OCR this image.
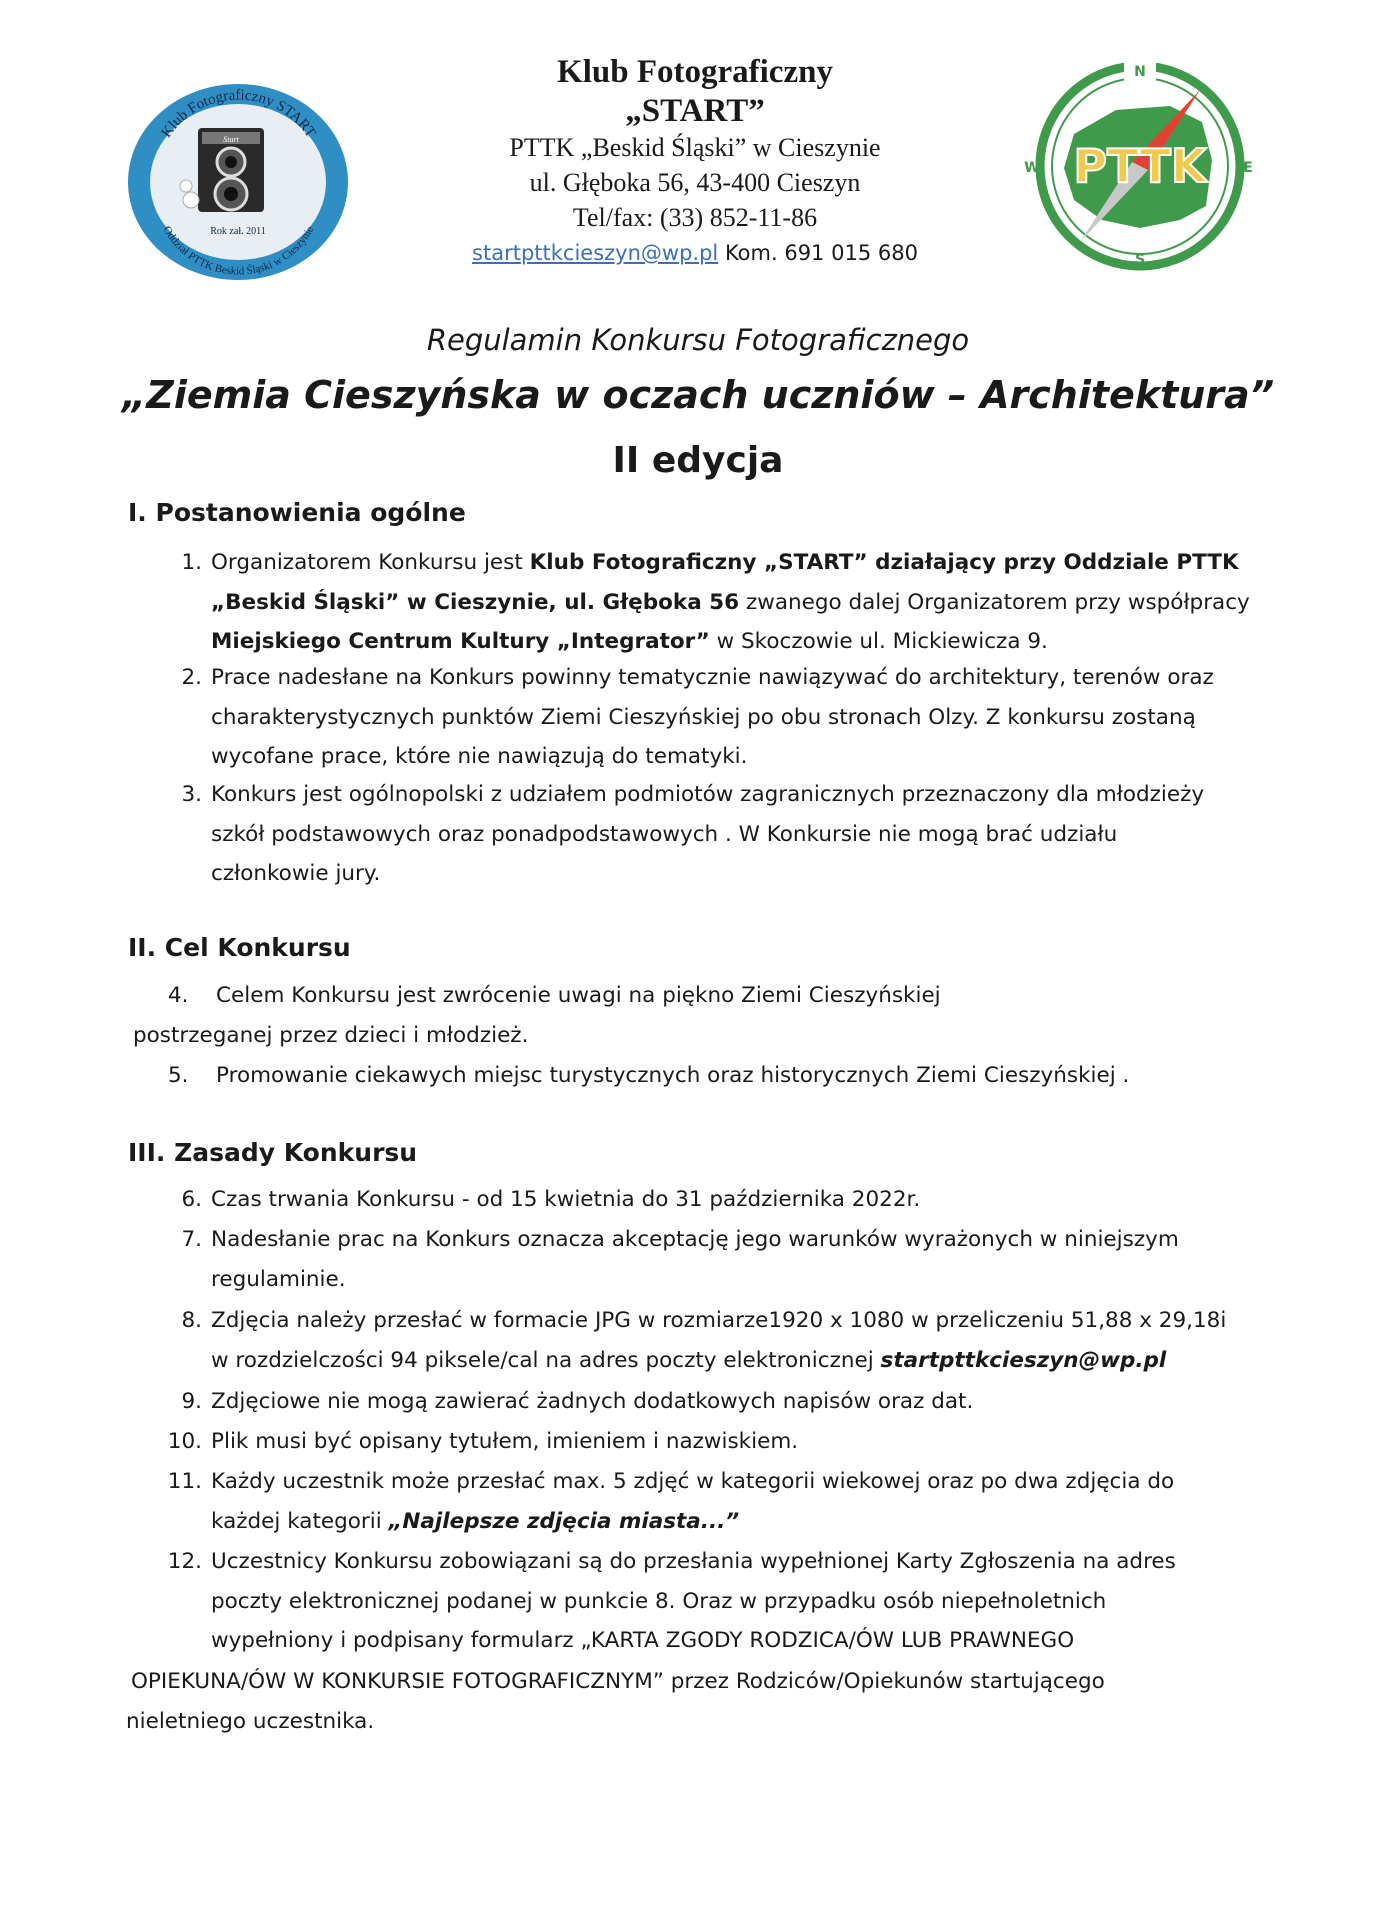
Klub Fotograficzny START
Oddział PTTK Beskid Śląski w Cieszynie
Start
Rok zał. 2011
Klub Fotograficzny
„START”
PTTK „Beskid Śląski” w Cieszynie
ul. Głęboka 56, 43-400 Cieszyn
Tel/fax: (33) 852-11-86
startpttkcieszyn@wp.pl Kom. 691 015 680
N
S
W	E
PTTK
Regulamin Konkursu Fotograficznego
„Ziemia Cieszyńska w oczach uczniów – Architektura”
II edycja
I. Postanowienia ogólne
1. Organizatorem Konkursu jest Klub Fotograficzny „START” działający przy Oddziale PTTK
„Beskid Śląski” w Cieszynie, ul. Głęboka 56 zwanego dalej Organizatorem przy współpracy
Miejskiego Centrum Kultury „Integrator” w Skoczowie ul. Mickiewicza 9.
2. Prace nadesłane na Konkurs powinny tematycznie nawiązywać do architektury, terenów oraz
charakterystycznych punktów Ziemi Cieszyńskiej po obu stronach Olzy. Z konkursu zostaną
wycofane prace, które nie nawiązują do tematyki.
3. Konkurs jest ogólnopolski z udziałem podmiotów zagranicznych przeznaczony dla młodzieży
szkół podstawowych oraz ponadpodstawowych . W Konkursie nie mogą brać udziału
członkowie jury.
II. Cel Konkursu
4. Celem Konkursu jest zwrócenie uwagi na piękno Ziemi Cieszyńskiej
postrzeganej przez dzieci i młodzież.
5. Promowanie ciekawych miejsc turystycznych oraz historycznych Ziemi Cieszyńskiej .
III. Zasady Konkursu
6. Czas trwania Konkursu - od 15 kwietnia do 31 października 2022r.
7. Nadesłanie prac na Konkurs oznacza akceptację jego warunków wyrażonych w niniejszym
regulaminie.
8. Zdjęcia należy przesłać w formacie JPG w rozmiarze1920 x 1080 w przeliczeniu 51,88 x 29,18i
w rozdzielczości 94 piksele/cal na adres poczty elektronicznej startpttkcieszyn@wp.pl
9. Zdjęciowe nie mogą zawierać żadnych dodatkowych napisów oraz dat.
10. Plik musi być opisany tytułem, imieniem i nazwiskiem.
11. Każdy uczestnik może przesłać max. 5 zdjęć w kategorii wiekowej oraz po dwa zdjęcia do
każdej kategorii „Najlepsze zdjęcia miasta...”
12. Uczestnicy Konkursu zobowiązani są do przesłania wypełnionej Karty Zgłoszenia na adres
poczty elektronicznej podanej w punkcie 8. Oraz w przypadku osób niepełnoletnich
wypełniony i podpisany formularz „KARTA ZGODY RODZICA/ÓW LUB PRAWNEGO
OPIEKUNA/ÓW W KONKURSIE FOTOGRAFICZNYM” przez Rodziców/Opiekunów startującego
nieletniego uczestnika.
